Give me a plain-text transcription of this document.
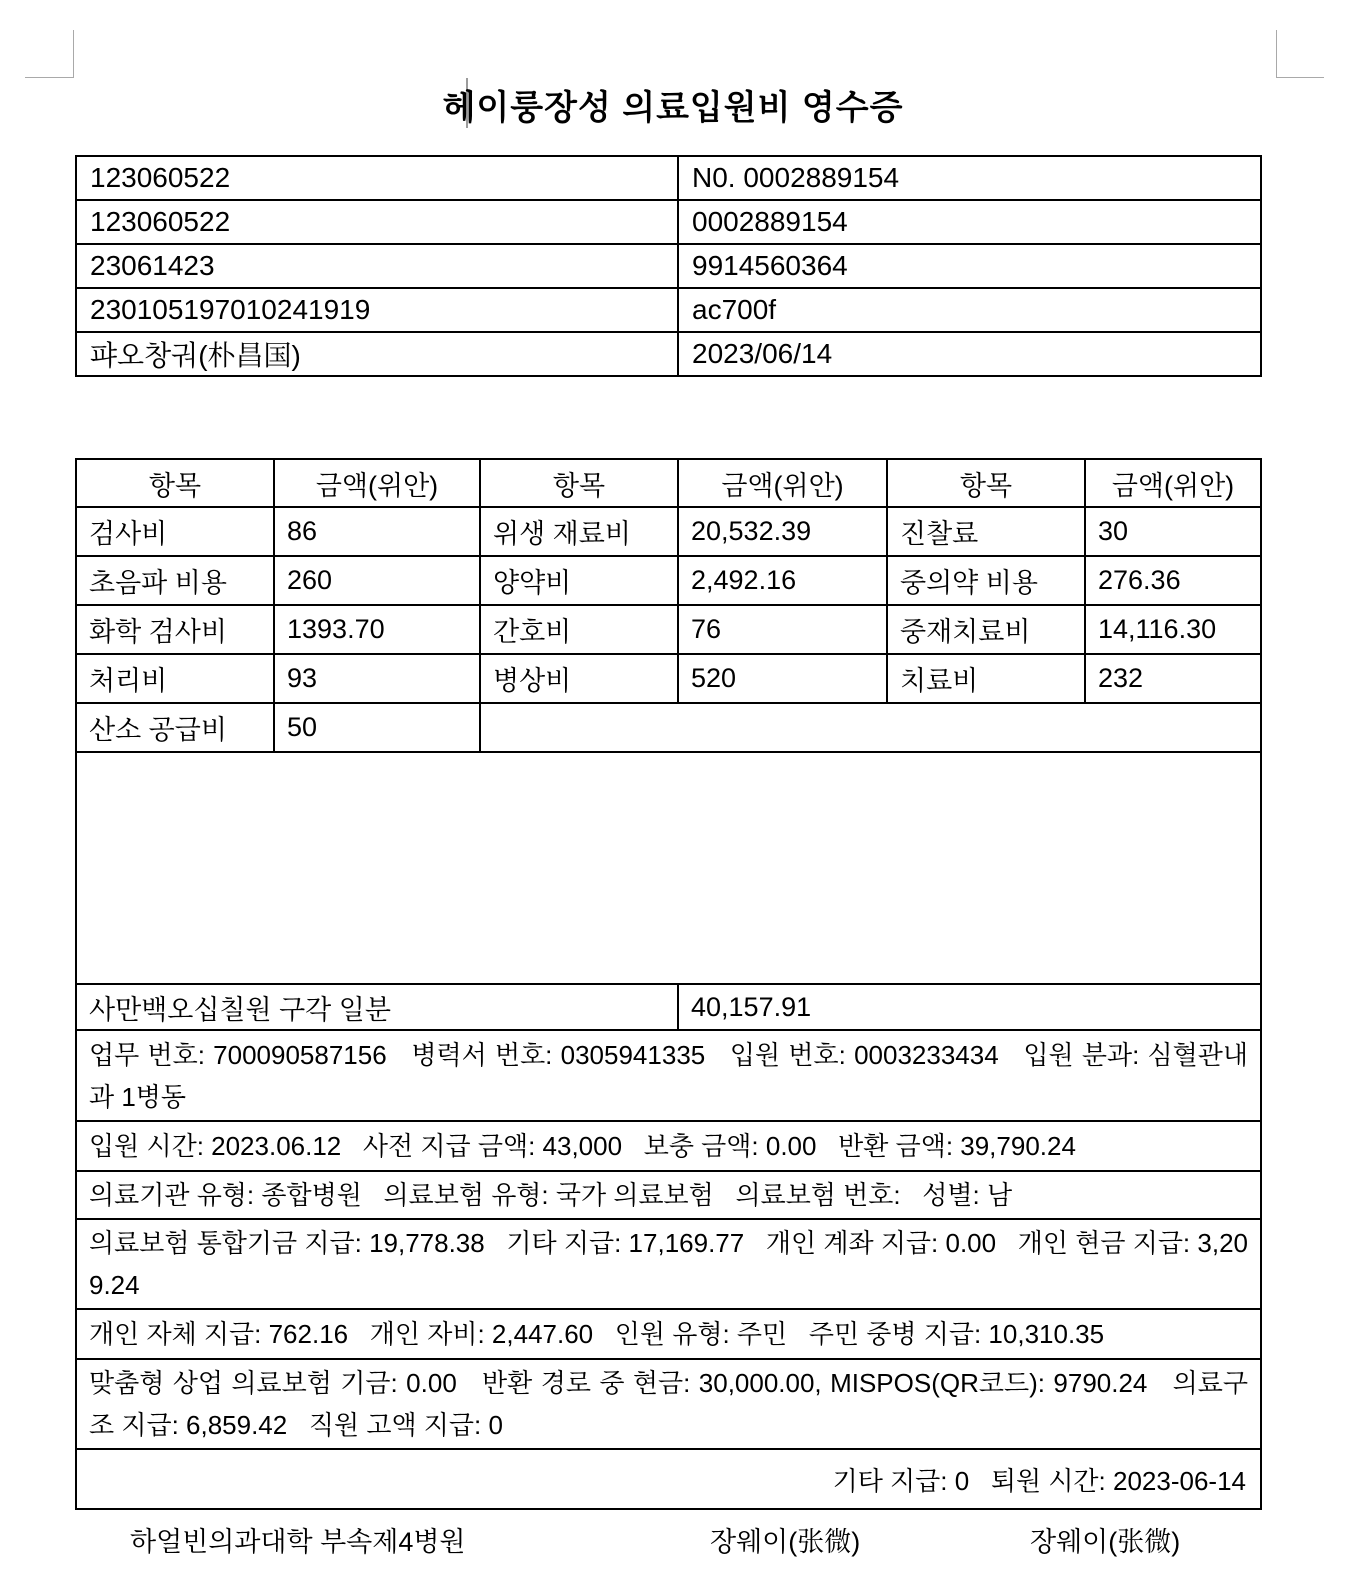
헤이룽장성 의료입원비 영수증
123060522	N0. 0002889154
123060522	0002889154
23061423	9914560364
230105197010241919	ac700f
퍄오창궈(朴昌国)	2023/06/14
항목	금액(위안)	항목	금액(위안)	항목	금액(위안)
검사비	86	위생 재료비	20,532.39	진찰료	30
초음파 비용	260	양약비	2,492.16	중의약 비용	276.36
화학 검사비	1393.70	간호비	76	중재치료비	14,116.30
처리비	93	병상비	520	치료비	232
산소 공급비	50				

사만백오십칠원 구각 일분			40,157.91		
업무 번호: 700090587156   병력서 번호: 0305941335   입원 번호: 0003233434   입원 분과: 심혈관내과 1병동					
입원 시간: 2023.06.12   사전 지급 금액: 43,000   보충 금액: 0.00   반환 금액: 39,790.24					
의료기관 유형: 종합병원   의료보험 유형: 국가 의료보험   의료보험 번호:   성별: 남					
의료보험 통합기금 지급: 19,778.38   기타 지급: 17,169.77   개인 계좌 지급: 0.00   개인 현금 지급: 3,209.24					
개인 자체 지급: 762.16   개인 자비: 2,447.60   인원 유형: 주민   주민 중병 지급: 10,310.35					
맞춤형 상업 의료보험 기금: 0.00   반환 경로 중 현금: 30,000.00, MISPOS(QR코드): 9790.24   의료구조 지급: 6,859.42   직원 고액 지급: 0					
기타 지급: 0   퇴원 시간: 2023-06-14					
하얼빈의과대학 부속제4병원	장웨이(张微)	장웨이(张微)
